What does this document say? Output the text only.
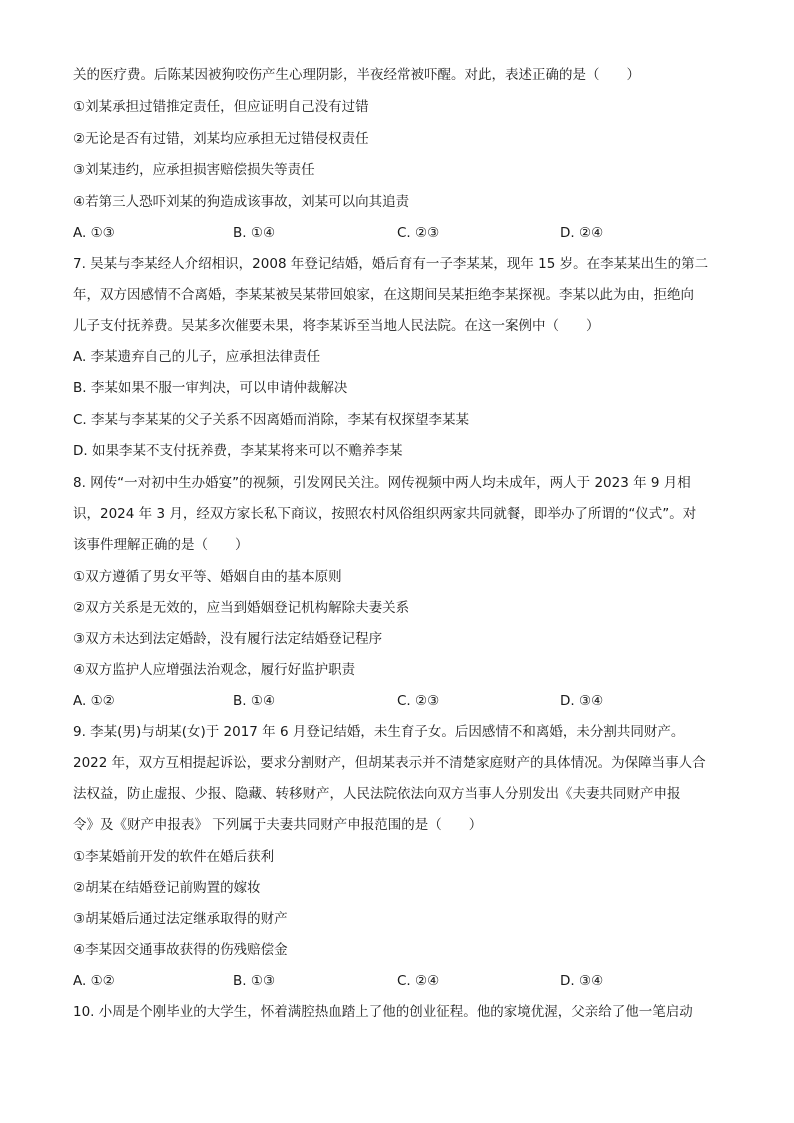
关的医疗费。后陈某因被狗咬伤产生心理阴影，半夜经常被吓醒。对此，表述正确的是（　　）
①刘某承担过错推定责任，但应证明自己没有过错
②无论是否有过错，刘某均应承担无过错侵权责任
③刘某违约，应承担损害赔偿损失等责任
④若第三人恐吓刘某的狗造成该事故，刘某可以向其追责
A. ①③	B. ①④	C. ②③	D. ②④
7. 吴某与李某经人介绍相识，2008 年登记结婚，婚后育有一子李某某，现年 15 岁。在李某某出生的第二
年，双方因感情不合离婚，李某某被吴某带回娘家，在这期间吴某拒绝李某探视。李某以此为由，拒绝向
儿子支付抚养费。吴某多次催要未果，将李某诉至当地人民法院。在这一案例中（　　）
A. 李某遗弃自己的儿子，应承担法律责任
B. 李某如果不服一审判决，可以申请仲裁解决
C. 李某与李某某的父子关系不因离婚而消除，李某有权探望李某某
D. 如果李某不支付抚养费，李某某将来可以不赡养李某
8. 网传“一对初中生办婚宴”的视频，引发网民关注。网传视频中两人均未成年，两人于 2023 年 9 月相
识，2024 年 3 月，经双方家长私下商议，按照农村风俗组织两家共同就餐，即举办了所谓的“仪式”。对
该事件理解正确的是（　　）
①双方遵循了男女平等、婚姻自由的基本原则
②双方关系是无效的，应当到婚姻登记机构解除夫妻关系
③双方未达到法定婚龄，没有履行法定结婚登记程序
④双方监护人应增强法治观念，履行好监护职责
A. ①②	B. ①④	C. ②③	D. ③④
9. 李某(男)与胡某(女)于 2017 年 6 月登记结婚，未生育子女。后因感情不和离婚，未分割共同财产。
2022 年，双方互相提起诉讼，要求分割财产，但胡某表示并不清楚家庭财产的具体情况。为保障当事人合
法权益，防止虚报、少报、隐藏、转移财产，人民法院依法向双方当事人分别发出《夫妻共同财产申报
令》及《财产申报表》 下列属于夫妻共同财产申报范围的是（　　）
①李某婚前开发的软件在婚后获利
②胡某在结婚登记前购置的嫁妆
③胡某婚后通过法定继承取得的财产
④李某因交通事故获得的伤残赔偿金
A. ①②	B. ①③	C. ②④	D. ③④
10. 小周是个刚毕业的大学生，怀着满腔热血踏上了他的创业征程。他的家境优渥，父亲给了他一笔启动
